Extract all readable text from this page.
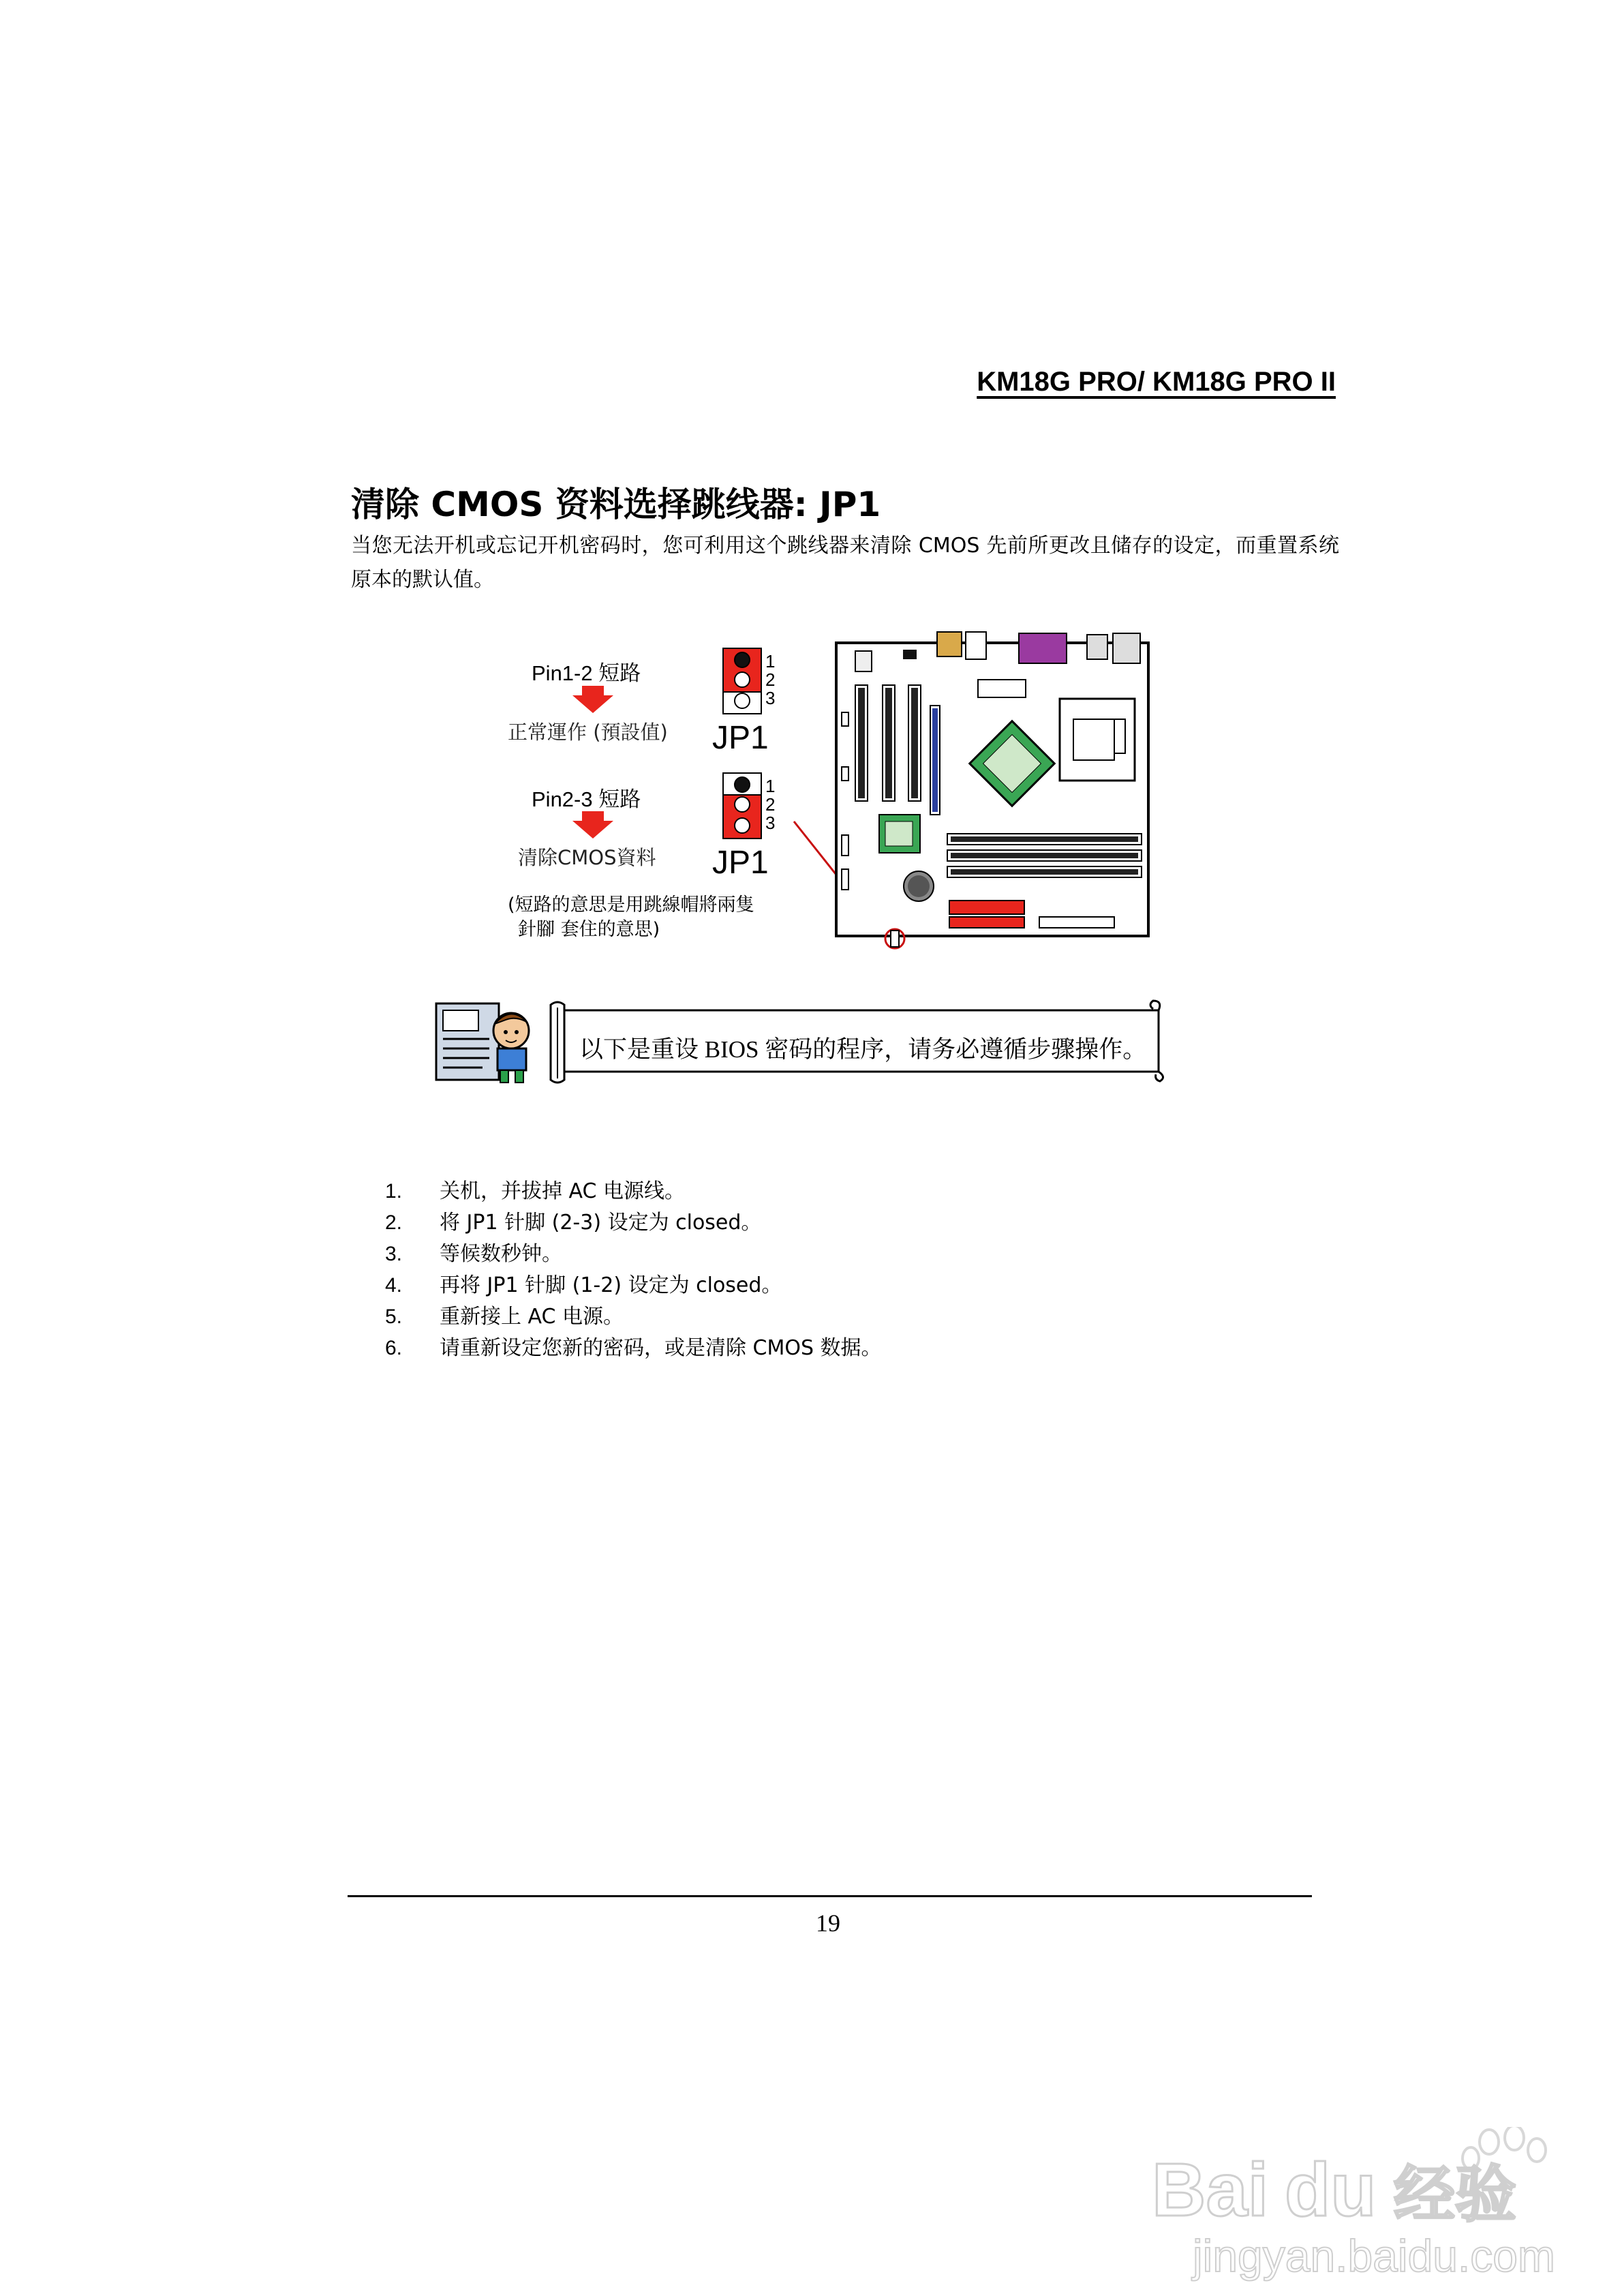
KM18G PRO/ KM18G PRO II
清除 CMOS 资料选择跳线器: JP1
当您无法开机或忘记开机密码时，您可利用这个跳线器来清除 CMOS 先前所更改且储存的设定，而重置系统原本的默认值。
Pin1-2 短路
正常運作 (預設值)
Pin2-3 短路
清除CMOS資料
(短路的意思是用跳線帽將兩隻
針腳 套住的意思)
1
2
3
JP1
1
2
3
JP1
以下是重设 BIOS 密码的程序，请务必遵循步骤操作。
1. 关机，并拔掉 AC 电源线。
2. 将 JP1 针脚 (2-3) 设定为 closed。
3. 等候数秒钟。
4. 再将 JP1 针脚 (1-2) 设定为 closed。
5. 重新接上 AC 电源。
6. 请重新设定您新的密码，或是清除 CMOS 数据。
19
Bai du 经验
jingyan.baidu.com
